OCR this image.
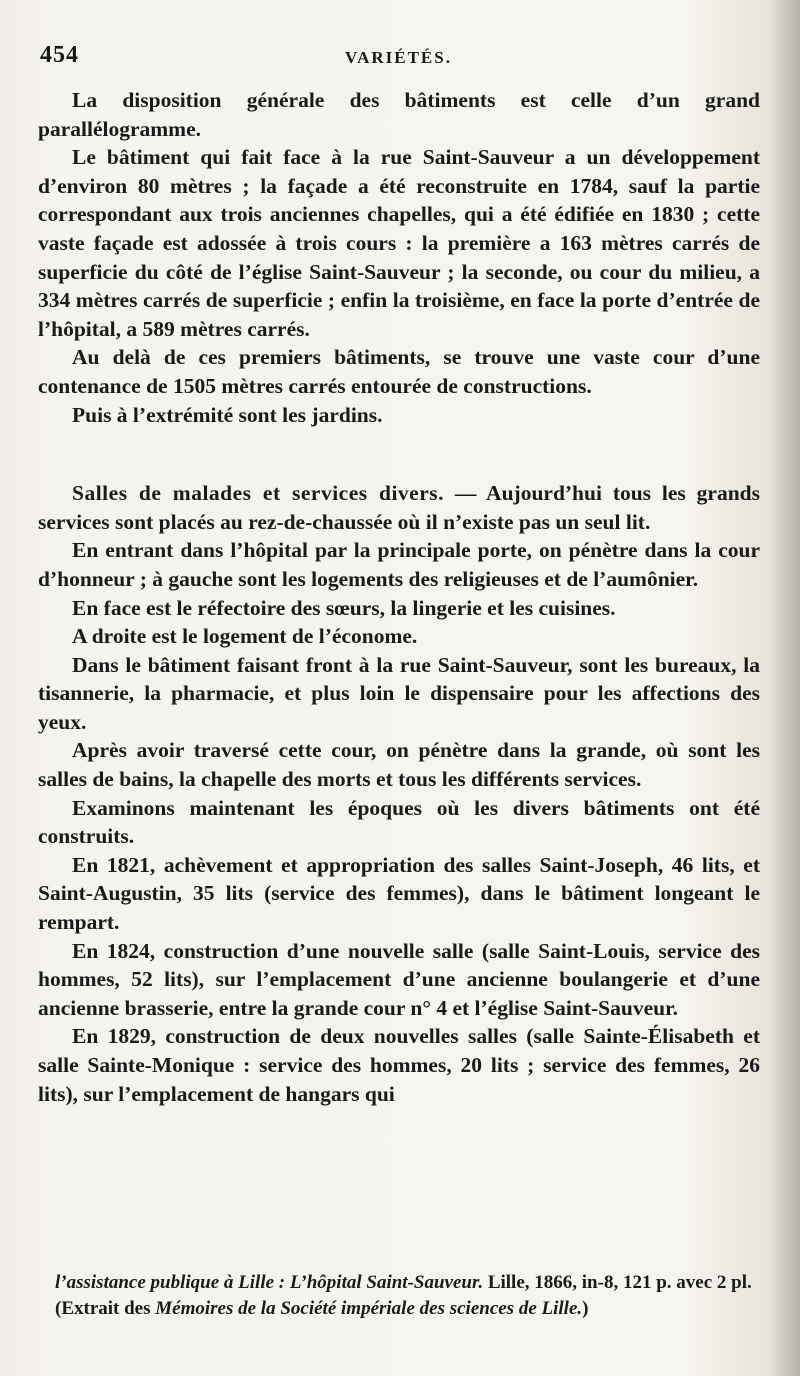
454	VARIÉTÉS.

La disposition générale des bâtiments est celle d’un grand parallélogramme.

Le bâtiment qui fait face à la rue Saint-Sauveur a un développement d’environ 80 mètres ; la façade a été reconstruite en 1784, sauf la partie correspondant aux trois anciennes chapelles, qui a été édifiée en 1830 ; cette vaste façade est adossée à trois cours : la première a 163 mètres carrés de superficie du côté de l’église Saint-Sauveur ; la seconde, ou cour du milieu, a 334 mètres carrés de superficie ; enfin la troisième, en face la porte d’entrée de l’hôpital, a 589 mètres carrés.

Au delà de ces premiers bâtiments, se trouve une vaste cour d’une contenance de 1505 mètres carrés entourée de constructions.

Puis à l’extrémité sont les jardins.

Salles de malades et services divers. — Aujourd’hui tous les grands services sont placés au rez-de-chaussée où il n’existe pas un seul lit.

En entrant dans l’hôpital par la principale porte, on pénètre dans la cour d’honneur ; à gauche sont les logements des religieuses et de l’aumônier.

En face est le réfectoire des sœurs, la lingerie et les cuisines.

A droite est le logement de l’économe.

Dans le bâtiment faisant front à la rue Saint-Sauveur, sont les bureaux, la tisannerie, la pharmacie, et plus loin le dispensaire pour les affections des yeux.

Après avoir traversé cette cour, on pénètre dans la grande, où sont les salles de bains, la chapelle des morts et tous les différents services.

Examinons maintenant les époques où les divers bâtiments ont été construits.

En 1821, achèvement et appropriation des salles Saint-Joseph, 46 lits, et Saint-Augustin, 35 lits (service des femmes), dans le bâtiment longeant le rempart.

En 1824, construction d’une nouvelle salle (salle Saint-Louis, service des hommes, 52 lits), sur l’emplacement d’une ancienne boulangerie et d’une ancienne brasserie, entre la grande cour n° 4 et l’église Saint-Sauveur.

En 1829, construction de deux nouvelles salles (salle Sainte-Élisabeth et salle Sainte-Monique : service des hommes, 20 lits ; service des femmes, 26 lits), sur l’emplacement de hangars qui

l’assistance publique à Lille : L’hôpital Saint-Sauveur. Lille, 1866, in-8, 121 p. avec 2 pl. (Extrait des Mémoires de la Société impériale des sciences de Lille.)
